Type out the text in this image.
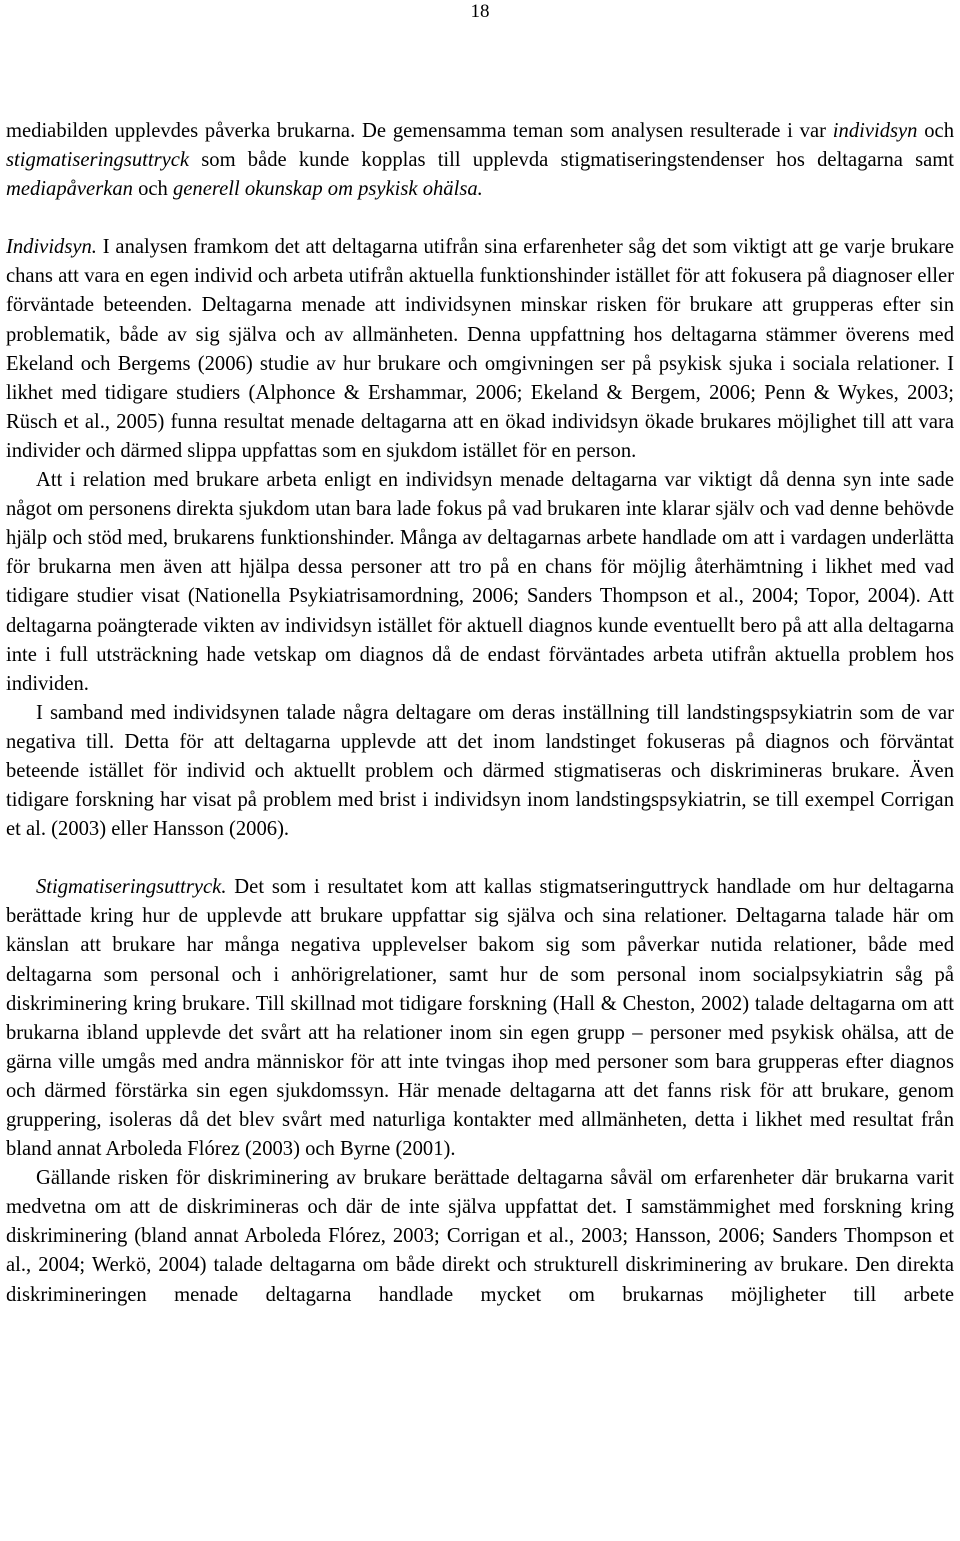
18

mediabilden upplevdes påverka brukarna. De gemensamma teman som analysen resulterade i var individsyn och stigmatiseringsuttryck som både kunde kopplas till upplevda stigmatiseringstendenser hos deltagarna samt mediapåverkan och generell okunskap om psykisk ohälsa.

Individsyn. I analysen framkom det att deltagarna utifrån sina erfarenheter såg det som viktigt att ge varje brukare chans att vara en egen individ och arbeta utifrån aktuella funktionshinder istället för att fokusera på diagnoser eller förväntade beteenden. Deltagarna menade att individsynen minskar risken för brukare att grupperas efter sin problematik, både av sig själva och av allmänheten. Denna uppfattning hos deltagarna stämmer överens med Ekeland och Bergems (2006) studie av hur brukare och omgivningen ser på psykisk sjuka i sociala relationer. I likhet med tidigare studiers (Alphonce & Ershammar, 2006; Ekeland & Bergem, 2006; Penn & Wykes, 2003; Rüsch et al., 2005) funna resultat menade deltagarna att en ökad individsyn ökade brukares möjlighet till att vara individer och därmed slippa uppfattas som en sjukdom istället för en person.

Att i relation med brukare arbeta enligt en individsyn menade deltagarna var viktigt då denna syn inte sade något om personens direkta sjukdom utan bara lade fokus på vad brukaren inte klarar själv och vad denne behövde hjälp och stöd med, brukarens funktionshinder. Många av deltagarnas arbete handlade om att i vardagen underlätta för brukarna men även att hjälpa dessa personer att tro på en chans för möjlig återhämtning i likhet med vad tidigare studier visat (Nationella Psykiatrisamordning, 2006; Sanders Thompson et al., 2004; Topor, 2004). Att deltagarna poängterade vikten av individsyn istället för aktuell diagnos kunde eventuellt bero på att alla deltagarna inte i full utsträckning hade vetskap om diagnos då de endast förväntades arbeta utifrån aktuella problem hos individen.

I samband med individsynen talade några deltagare om deras inställning till landstingspsykiatrin som de var negativa till. Detta för att deltagarna upplevde att det inom landstinget fokuseras på diagnos och förväntat beteende istället för individ och aktuellt problem och därmed stigmatiseras och diskrimineras brukare. Även tidigare forskning har visat på problem med brist i individsyn inom landstingspsykiatrin, se till exempel Corrigan et al. (2003) eller Hansson (2006).

Stigmatiseringsuttryck. Det som i resultatet kom att kallas stigmatseringuttryck handlade om hur deltagarna berättade kring hur de upplevde att brukare uppfattar sig själva och sina relationer. Deltagarna talade här om känslan att brukare har många negativa upplevelser bakom sig som påverkar nutida relationer, både med deltagarna som personal och i anhörigrelationer, samt hur de som personal inom socialpsykiatrin såg på diskriminering kring brukare. Till skillnad mot tidigare forskning (Hall & Cheston, 2002) talade deltagarna om att brukarna ibland upplevde det svårt att ha relationer inom sin egen grupp – personer med psykisk ohälsa, att de gärna ville umgås med andra människor för att inte tvingas ihop med personer som bara grupperas efter diagnos och därmed förstärka sin egen sjukdomssyn. Här menade deltagarna att det fanns risk för att brukare, genom gruppering, isoleras då det blev svårt med naturliga kontakter med allmänheten, detta i likhet med resultat från bland annat Arboleda Flórez (2003) och Byrne (2001).

Gällande risken för diskriminering av brukare berättade deltagarna såväl om erfarenheter där brukarna varit medvetna om att de diskrimineras och där de inte själva uppfattat det. I samstämmighet med forskning kring diskriminering (bland annat Arboleda Flórez, 2003; Corrigan et al., 2003; Hansson, 2006; Sanders Thompson et al., 2004; Werkö, 2004) talade deltagarna om både direkt och strukturell diskriminering av brukare. Den direkta diskrimineringen menade deltagarna handlade mycket om brukarnas möjligheter till arbete
